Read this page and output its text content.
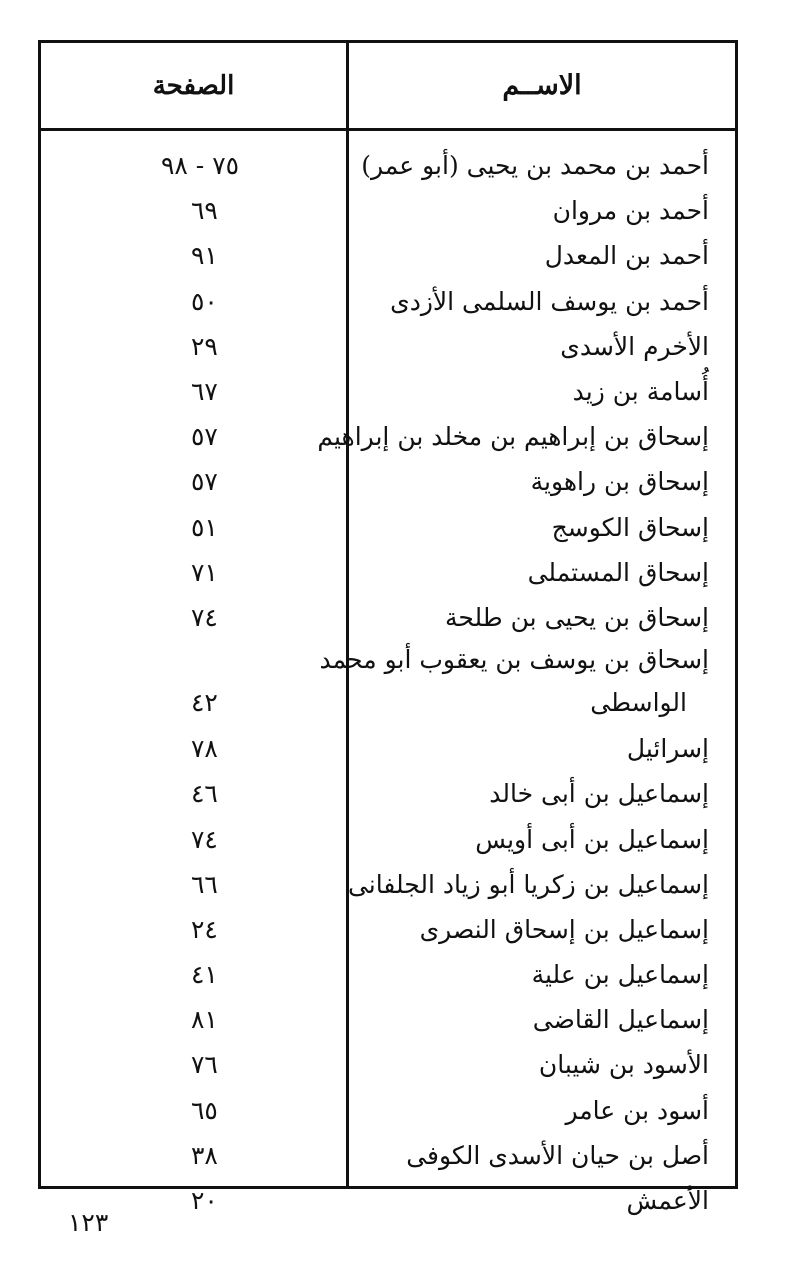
الصفحة	الاســم
أحمد بن محمد بن يحيى (أبو عمر)
٧٥ - ٩٨
أحمد بن مروان
٦٩
أحمد بن المعدل
٩١
أحمد بن يوسف السلمى الأزدى
٥٠
الأخرم الأسدى
٢٩
أُسامة بن زيد
٦٧
إسحاق بن إبراهيم بن مخلد بن إبراهيم
٥٧
إسحاق بن راهوية
٥٧
إسحاق الكوسج
٥١
إسحاق المستملى
٧١
إسحاق بن يحيى بن طلحة
٧٤
إسحاق بن يوسف بن يعقوب أبو محمد
الواسطى
٤٢
إسرائيل
٧٨
إسماعيل بن أبى خالد
٤٦
إسماعيل بن أبى أويس
٧٤
إسماعيل بن زكريا أبو زياد الجلفانى
٦٦
إسماعيل بن إسحاق النصرى
٢٤
إسماعيل بن علية
٤١
إسماعيل القاضى
٨١
الأسود بن شيبان
٧٦
أسود بن عامر
٦٥
أصل بن حيان الأسدى الكوفى
٣٨
الأعمش
٢٠
١٢٣
